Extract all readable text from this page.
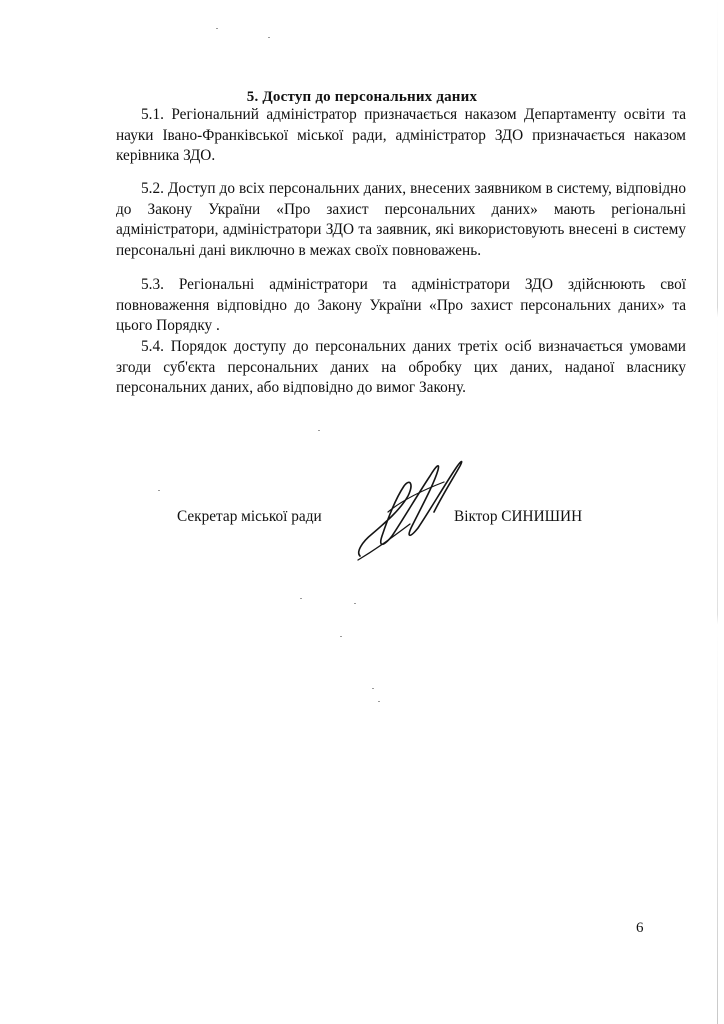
5. Доступ до персональних даних

5.1. Регіональний адміністратор призначається наказом Департаменту освіти та науки Івано-Франківської міської ради, адміністратор ЗДО призначається наказом керівника ЗДО.

5.2. Доступ до всіх персональних даних, внесених заявником в систему, відповідно до Закону України «Про захист персональних даних» мають регіональні адміністратори, адміністратори ЗДО та заявник, які використовують внесені в систему персональні дані виключно в межах своїх повноважень.

5.3. Регіональні адміністратори та адміністратори ЗДО здійснюють свої повноваження відповідно до Закону України «Про захист персональних даних» та цього Порядку .

5.4. Порядок доступу до персональних даних третіх осіб визначається умовами згоди суб'єкта персональних даних на обробку цих даних, наданої власнику персональних даних, або відповідно до вимог Закону.

Секретар міської ради	Віктор СИНИШИН
6
